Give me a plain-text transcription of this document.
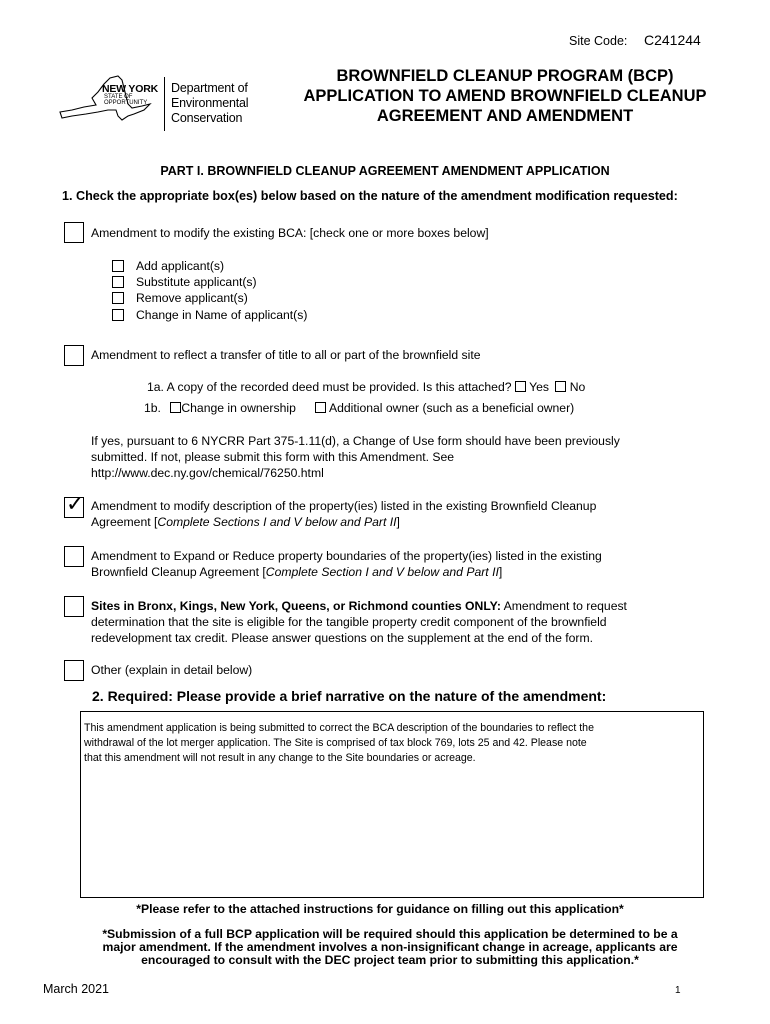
Site Code: C241244
NEW YORK
STATE OF
OPPORTUNITY
Department of
Environmental
Conservation
BROWNFIELD CLEANUP PROGRAM (BCP)
APPLICATION TO AMEND BROWNFIELD CLEANUP
AGREEMENT AND AMENDMENT
PART I. BROWNFIELD CLEANUP AGREEMENT AMENDMENT APPLICATION
1. Check the appropriate box(es) below based on the nature of the amendment modification requested:
Amendment to modify the existing BCA: [check one or more boxes below]
Add applicant(s)
Substitute applicant(s)
Remove applicant(s)
Change in Name of applicant(s)
Amendment to reflect a transfer of title to all or part of the brownfield site
1a. A copy of the recorded deed must be provided. Is this attached? Yes No
1b. Change in ownership	Additional owner (such as a beneficial owner)
If yes, pursuant to 6 NYCRR Part 375-1.11(d), a Change of Use form should have been previously
submitted. If not, please submit this form with this Amendment. See
http://www.dec.ny.gov/chemical/76250.html
✓ Amendment to modify description of the property(ies) listed in the existing Brownfield Cleanup
Agreement [Complete Sections I and V below and Part II]
Amendment to Expand or Reduce property boundaries of the property(ies) listed in the existing
Brownfield Cleanup Agreement [Complete Section I and V below and Part II]
Sites in Bronx, Kings, New York, Queens, or Richmond counties ONLY: Amendment to request
determination that the site is eligible for the tangible property credit component of the brownfield
redevelopment tax credit. Please answer questions on the supplement at the end of the form.
Other (explain in detail below)
2. Required: Please provide a brief narrative on the nature of the amendment:
This amendment application is being submitted to correct the BCA description of the boundaries to reflect the
withdrawal of the lot merger application. The Site is comprised of tax block 769, lots 25 and 42. Please note
that this amendment will not result in any change to the Site boundaries or acreage.
*Please refer to the attached instructions for guidance on filling out this application*
*Submission of a full BCP application will be required should this application be determined to be a
major amendment. If the amendment involves a non-insignificant change in acreage, applicants are
encouraged to consult with the DEC project team prior to submitting this application.*
March 2021	1
